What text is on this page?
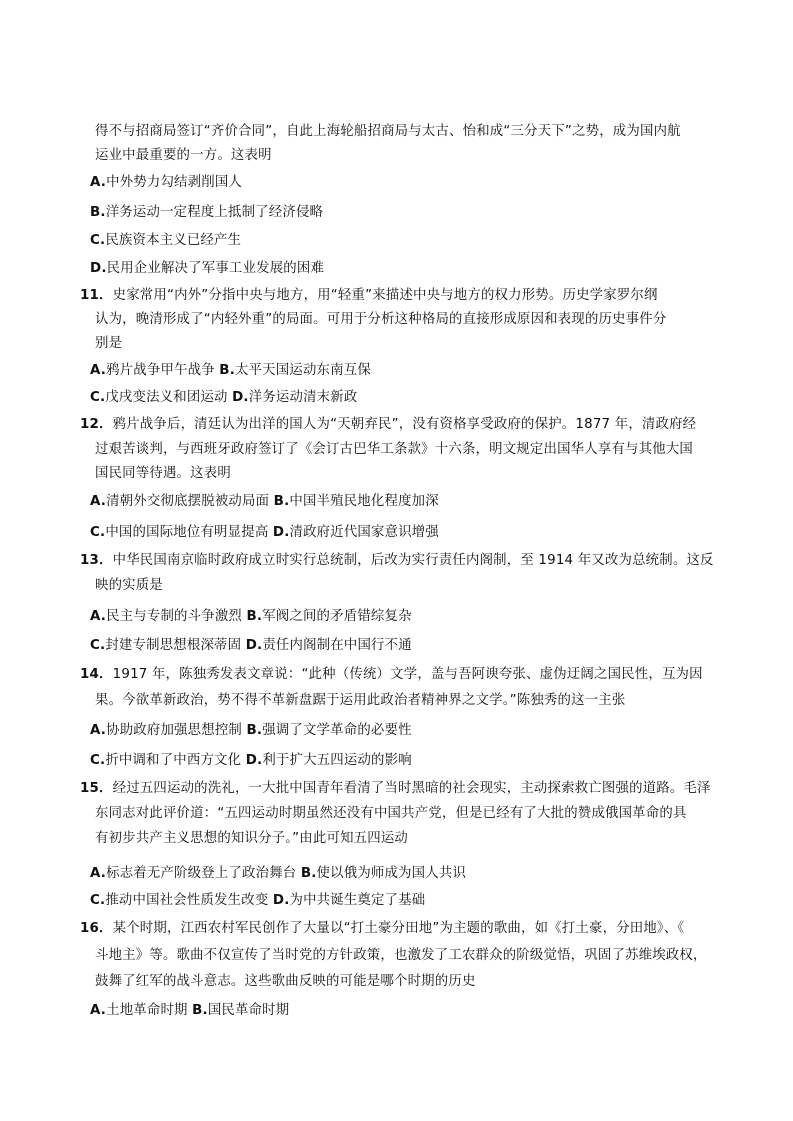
得不与招商局签订“齐价合同”，自此上海轮船招商局与太古、怡和成“三分天下”之势，成为国内航
运业中最重要的一方。这表明
A.中外势力勾结剥削国人
B.洋务运动一定程度上抵制了经济侵略
C.民族资本主义已经产生
D.民用企业解决了军事工业发展的困难
11．史家常用“内外”分指中央与地方，用“轻重”来描述中央与地方的权力形势。历史学家罗尔纲
认为，晚清形成了“内轻外重”的局面。可用于分析这种格局的直接形成原因和表现的历史事件分
别是
A.鸦片战争甲午战争 B.太平天国运动东南互保
C.戊戌变法义和团运动 D.洋务运动清末新政
12．鸦片战争后，清廷认为出洋的国人为“天朝弃民”，没有资格享受政府的保护。1877 年，清政府经
过艰苦谈判，与西班牙政府签订了《会订古巴华工条款》十六条，明文规定出国华人享有与其他大国
国民同等待遇。这表明
A.清朝外交彻底摆脱被动局面 B.中国半殖民地化程度加深
C.中国的国际地位有明显提高 D.清政府近代国家意识增强
13．中华民国南京临时政府成立时实行总统制，后改为实行责任内阁制，至 1914 年又改为总统制。这反
映的实质是
A.民主与专制的斗争激烈 B.军阀之间的矛盾错综复杂
C.封建专制思想根深蒂固 D.责任内阁制在中国行不通
14．1917 年，陈独秀发表文章说：“此种（传统）文学，盖与吾阿谀夸张、虚伪迂阔之国民性，互为因
果。今欲革新政治，势不得不革新盘踞于运用此政治者精神界之文学。”陈独秀的这一主张
A.协助政府加强思想控制 B.强调了文学革命的必要性
C.折中调和了中西方文化 D.利于扩大五四运动的影响
15．经过五四运动的洗礼，一大批中国青年看清了当时黑暗的社会现实，主动探索救亡图强的道路。毛泽
东同志对此评价道：“五四运动时期虽然还没有中国共产党，但是已经有了大批的赞成俄国革命的具
有初步共产主义思想的知识分子。”由此可知五四运动
A.标志着无产阶级登上了政治舞台 B.使以俄为师成为国人共识
C.推动中国社会性质发生改变 D.为中共诞生奠定了基础
16．某个时期，江西农村军民创作了大量以“打土豪分田地”为主题的歌曲，如《打土豪，分田地》、《
斗地主》等。歌曲不仅宣传了当时党的方针政策，也激发了工农群众的阶级觉悟，巩固了苏维埃政权，
鼓舞了红军的战斗意志。这些歌曲反映的可能是哪个时期的历史
A.土地革命时期 B.国民革命时期
